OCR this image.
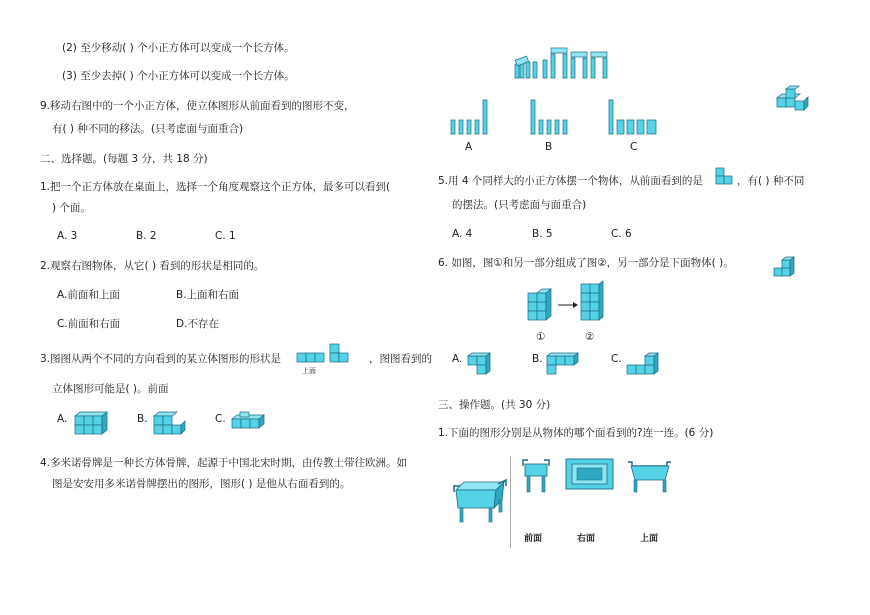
(2) 至少移动( ) 个小正方体可以变成一个长方体。
(3) 至少去掉( ) 个小正方体可以变成一个长方体。
9.移动右图中的一个小正方体，使立体图形从前面看到的图形不变，
有( ) 种不同的移法。(只考虑面与面重合)
二、选择题。(每题 3 分，共 18 分)
1.把一个正方体放在桌面上，选择一个角度观察这个正方体，最多可以看到(
) 个面。
A. 3	B. 2	C. 1
2.观察右图物体，从它( ) 看到的形状是相同的。
A.前面和上面	B.上面和右面
C.前面和右面	D.不存在
3.图图从两个不同的方向看到的某立体图形的形状是
上面
，图图看到的
立体图形可能是( )。前面
A.	B.	C.
4.多米诺骨牌是一种长方体骨牌，起源于中国北宋时期，由传教士带往欧洲。如
图是安安用多米诺骨牌摆出的图形，图形( ) 是他从右面看到的。
A	B	C
5.用 4 个同样大的小正方体摆一个物体，从前面看到的是	，有( ) 种不同
的摆法。(只考虑面与面重合)
A. 4	B. 5	C. 6
6. 如图，图①和另一部分组成了图②，另一部分是下面物体( )。
①	②
A.	B.	C.
三、操作题。(共 30 分)
1.下面的图形分别是从物体的哪个面看到的?连一连。(6 分)
前面	右面	上面
